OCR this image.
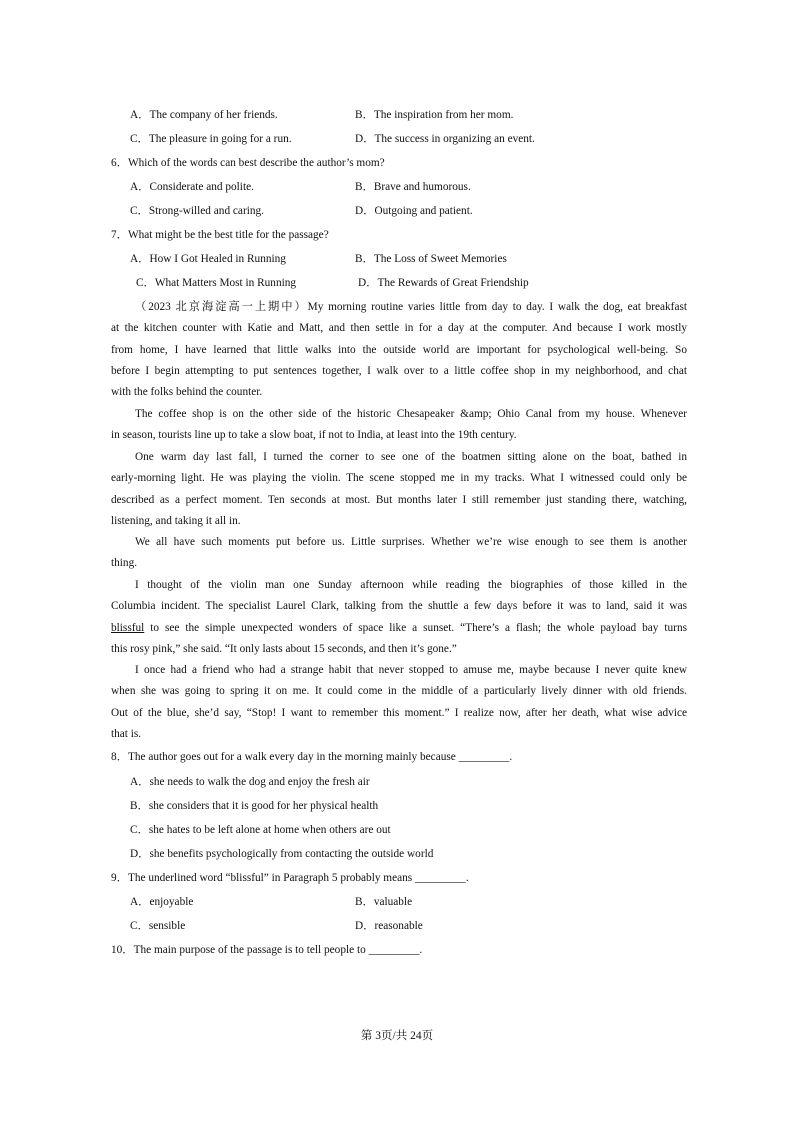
A．The company of her friends.	B．The inspiration from her mom.
C．The pleasure in going for a run.	D．The success in organizing an event.
6．Which of the words can best describe the author’s mom?
A．Considerate and polite.	B．Brave and humorous.
C．Strong-willed and caring.	D．Outgoing and patient.
7．What might be the best title for the passage?
A．How I Got Healed in Running	B．The Loss of Sweet Memories
C．What Matters Most in Running	D．The Rewards of Great Friendship
（2023 北京海淀高一上期中）My morning routine varies little from day to day. I walk the dog, eat breakfast
at the kitchen counter with Katie and Matt, and then settle in for a day at the computer. And because I work mostly
from home, I have learned that little walks into the outside world are important for psychological well-being. So
before I begin attempting to put sentences together, I walk over to a little coffee shop in my neighborhood, and chat
with the folks behind the counter.
The coffee shop is on the other side of the historic Chesapeaker &amp; Ohio Canal from my house. Whenever
in season, tourists line up to take a slow boat, if not to India, at least into the 19th century.
One warm day last fall, I turned the corner to see one of the boatmen sitting alone on the boat, bathed in
early-morning light. He was playing the violin. The scene stopped me in my tracks. What I witnessed could only be
described as a perfect moment. Ten seconds at most. But months later I still remember just standing there, watching,
listening, and taking it all in.
We all have such moments put before us. Little surprises. Whether we’re wise enough to see them is another
thing.
I thought of the violin man one Sunday afternoon while reading the biographies of those killed in the
Columbia incident. The specialist Laurel Clark, talking from the shuttle a few days before it was to land, said it was
blissful to see the simple unexpected wonders of space like a sunset. “There’s a flash; the whole payload bay turns
this rosy pink,” she said. “It only lasts about 15 seconds, and then it’s gone.”
I once had a friend who had a strange habit that never stopped to amuse me, maybe because I never quite knew
when she was going to spring it on me. It could come in the middle of a particularly lively dinner with old friends.
Out of the blue, she’d say, “Stop! I want to remember this moment.” I realize now, after her death, what wise advice
that is.
8．The author goes out for a walk every day in the morning mainly because _________.
A．she needs to walk the dog and enjoy the fresh air
B．she considers that it is good for her physical health
C．she hates to be left alone at home when others are out
D．she benefits psychologically from contacting the outside world
9．The underlined word “blissful” in Paragraph 5 probably means _________.
A．enjoyable	B．valuable
C．sensible	D．reasonable
10．The main purpose of the passage is to tell people to _________.
第 3页/共 24页
